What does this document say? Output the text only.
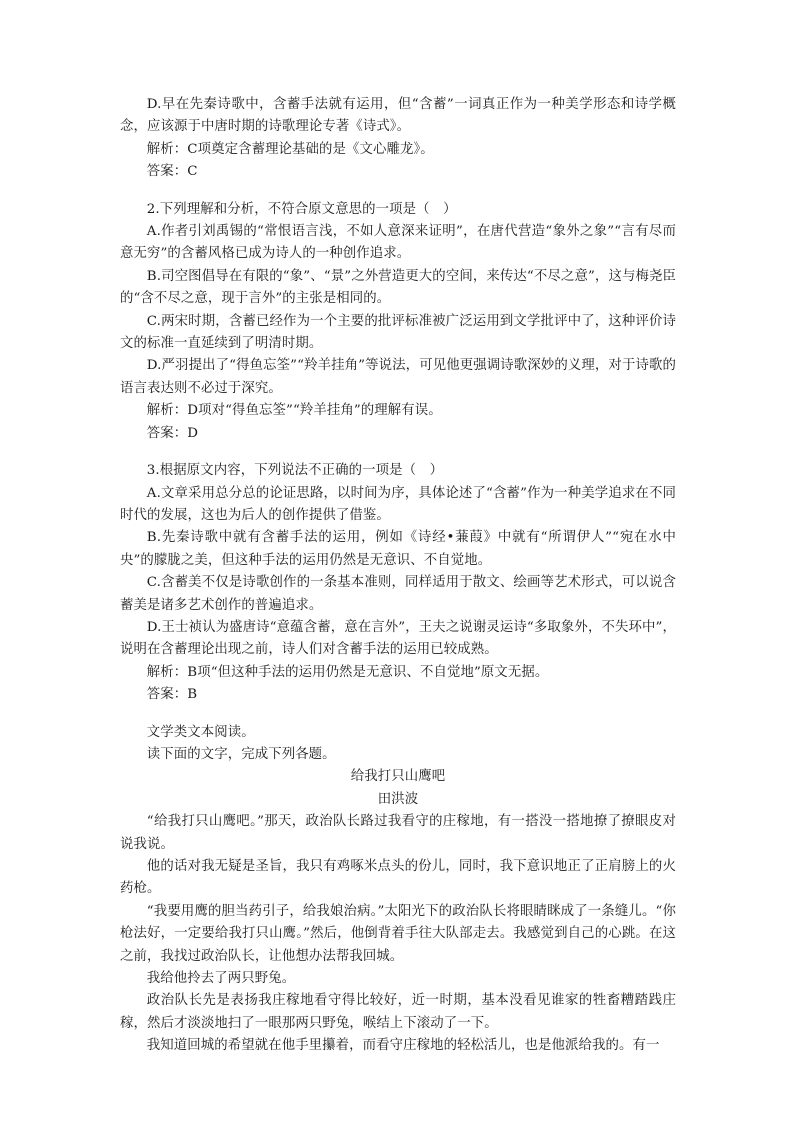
D.早在先秦诗歌中，含蓄手法就有运用，但“含蓄”一词真正作为一种美学形态和诗学概念，应该源于中唐时期的诗歌理论专著《诗式》。

解析：C项奠定含蓄理论基础的是《文心雕龙》。

答案：C

2.下列理解和分析，不符合原文意思的一项是（　）

A.作者引刘禹锡的“常恨语言浅，不如人意深来证明”，在唐代营造“象外之象”“言有尽而意无穷”的含蓄风格已成为诗人的一种创作追求。

B.司空图倡导在有限的“象”、“景”之外营造更大的空间，来传达“不尽之意”，这与梅尧臣的“含不尽之意，现于言外”的主张是相同的。

C.两宋时期，含蓄已经作为一个主要的批评标准被广泛运用到文学批评中了，这种评价诗文的标准一直延续到了明清时期。

D.严羽提出了“得鱼忘筌”“羚羊挂角”等说法，可见他更强调诗歌深妙的义理，对于诗歌的语言表达则不必过于深究。

解析：D项对“得鱼忘筌”“羚羊挂角”的理解有误。

答案：D

3.根据原文内容，下列说法不正确的一项是（　）

A.文章采用总分总的论证思路，以时间为序，具体论述了“含蓄”作为一种美学追求在不同时代的发展，这也为后人的创作提供了借鉴。

B.先秦诗歌中就有含蓄手法的运用，例如《诗经•蒹葭》中就有“所谓伊人”“宛在水中央”的朦胧之美，但这种手法的运用仍然是无意识、不自觉地。

C.含蓄美不仅是诗歌创作的一条基本准则，同样适用于散文、绘画等艺术形式，可以说含蓄美是诸多艺术创作的普遍追求。

D.王士祯认为盛唐诗“意蕴含蓄，意在言外”，王夫之说谢灵运诗“多取象外，不失环中”，说明在含蓄理论出现之前，诗人们对含蓄手法的运用已较成熟。

解析：B项“但这种手法的运用仍然是无意识、不自觉地”原文无据。

答案：B

文学类文本阅读。

读下面的文字，完成下列各题。

给我打只山鹰吧

田洪波

“给我打只山鹰吧。”那天，政治队长路过我看守的庄稼地，有一搭没一搭地撩了撩眼皮对说我说。

他的话对我无疑是圣旨，我只有鸡啄米点头的份儿，同时，我下意识地正了正肩膀上的火药枪。

“我要用鹰的胆当药引子，给我娘治病。”太阳光下的政治队长将眼睛眯成了一条缝儿。“你枪法好，一定要给我打只山鹰。”然后，他倒背着手往大队部走去。我感觉到自己的心跳。在这之前，我找过政治队长，让他想办法帮我回城。

我给他拎去了两只野兔。

政治队长先是表扬我庄稼地看守得比较好，近一时期，基本没看见谁家的牲畜糟踏践庄稼，然后才淡淡地扫了一眼那两只野兔，喉结上下滚动了一下。

我知道回城的希望就在他手里攥着，而看守庄稼地的轻松活儿，也是他派给我的。有一
